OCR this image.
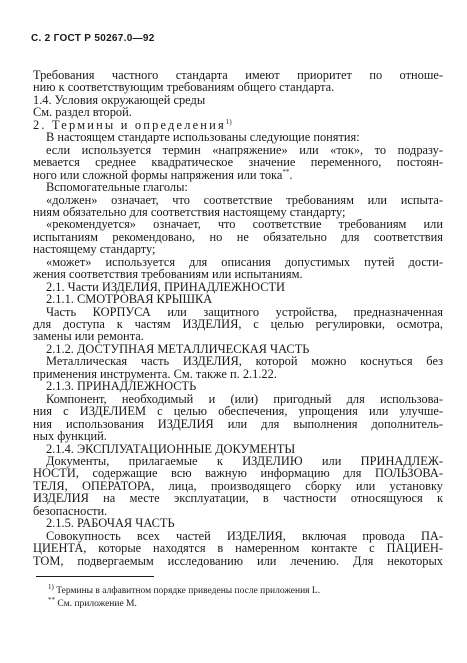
С. 2 ГОСТ Р 50267.0—92
Требования частного стандарта имеют приоритет по отноше-
нию к соответствующим требованиям общего стандарта.
1.4. Условия окружающей среды
См. раздел второй.
2. Термины и определения$^{1)}$
В настоящем стандарте использованы следующие понятия:
если используется термин «напряжение» или «ток», то подразу-
мевается среднее квадратическое значение переменного, постоян-
ного или сложной формы напряжения или тока**.
Вспомогательные глаголы:
«должен» означает, что соответствие требованиям или испыта-
ниям обязательно для соответствия настоящему стандарту;
«рекомендуется» означает, что соответствие требованиям или
испытаниям рекомендовано, но не обязательно для соответствия
настоящему стандарту;
«может» используется для описания допустимых путей дости-
жения соответствия требованиям или испытаниям.
2.1. Части ИЗДЕЛИЯ, ПРИНАДЛЕЖНОСТИ
2.1.1. СМОТРОВАЯ КРЫШКА
Часть КОРПУСА или защитного устройства, предназначенная
для доступа к частям ИЗДЕЛИЯ, с целью регулировки, осмотра,
замены или ремонта.
2.1.2. ДОСТУПНАЯ МЕТАЛЛИЧЕСКАЯ ЧАСТЬ
Металлическая часть ИЗДЕЛИЯ, которой можно коснуться без
применения инструмента. См. также п. 2.1.22.
2.1.3. ПРИНАДЛЕЖНОСТЬ
Компонент, необходимый и (или) пригодный для использова-
ния с ИЗДЕЛИЕМ с целью обеспечения, упрощения или улучше-
ния использования ИЗДЕЛИЯ или для выполнения дополнитель-
ных функций.
2.1.4. ЭКСПЛУАТАЦИОННЫЕ ДОКУМЕНТЫ
Документы, прилагаемые к ИЗДЕЛИЮ или ПРИНАДЛЕЖ-
НОСТИ, содержащие всю важную информацию для ПОЛЬЗОВА-
ТЕЛЯ, ОПЕРАТОРА, лица, производящего сборку или установку
ИЗДЕЛИЯ на месте эксплуатации, в частности относящуюся к
безопасности.
2.1.5. РАБОЧАЯ ЧАСТЬ
Совокупность всех частей ИЗДЕЛИЯ, включая провода ПА-
ЦИЕНТА, которые находятся в намеренном контакте с ПАЦИЕН-
ТОМ, подвергаемым исследованию или лечению. Для некоторых
$^{1)}$ Термины в алфавитном порядке приведены после приложения L.
** См. приложение М.
